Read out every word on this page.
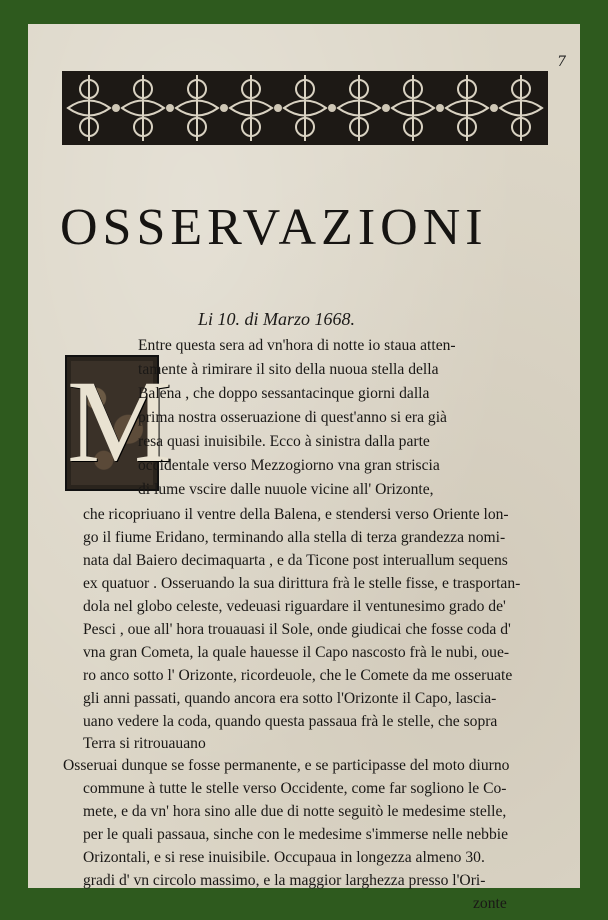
7
OSSERVAZIONI
Li 10. di Marzo 1668.
M
Entre questa sera ad vn'hora di notte io staua atten-
tamente à rimirare il sito della nuoua stella della
Balena , che doppo sessantacinque giorni dalla
prima nostra osseruazione di quest'anno si era già
resa quasi inuisibile. Ecco à sinistra dalla parte
occidentale verso Mezzogiorno vna gran striscia
di lume vscire dalle nuuole vicine all' Orizonte,
che ricopriuano il ventre della Balena, e stendersi verso Oriente lon-
go il fiume Eridano, terminando alla stella di terza grandezza nomi-
nata dal Baiero decimaquarta , e da Ticone post interuallum sequens
ex quatuor . Osseruando la sua dirittura frà le stelle fisse, e trasportan-
dola nel globo celeste, vedeuasi riguardare il ventunesimo grado de'
Pesci , oue all' hora trouauasi il Sole, onde giudicai che fosse coda d'
vna gran Cometa, la quale hauesse il Capo nascosto frà le nubi, oue-
ro anco sotto l' Orizonte, ricordeuole, che le Comete da me osseruate
gli anni passati, quando ancora era sotto l'Orizonte il Capo, lascia-
uano vedere la coda, quando questa passaua frà le stelle, che sopra
Terra si ritrouauano
Osseruai dunque se fosse permanente, e se participasse del moto diurno
commune à tutte le stelle verso Occidente, come far sogliono le Co-
mete, e da vn' hora sino alle due di notte seguitò le medesime stelle,
per le quali passaua, sinche con le medesime s'immerse nelle nebbie
Orizontali, e si rese inuisibile. Occupaua in longezza almeno 30.
gradi d' vn circolo massimo, e la maggior larghezza presso l'Ori-
zonte
